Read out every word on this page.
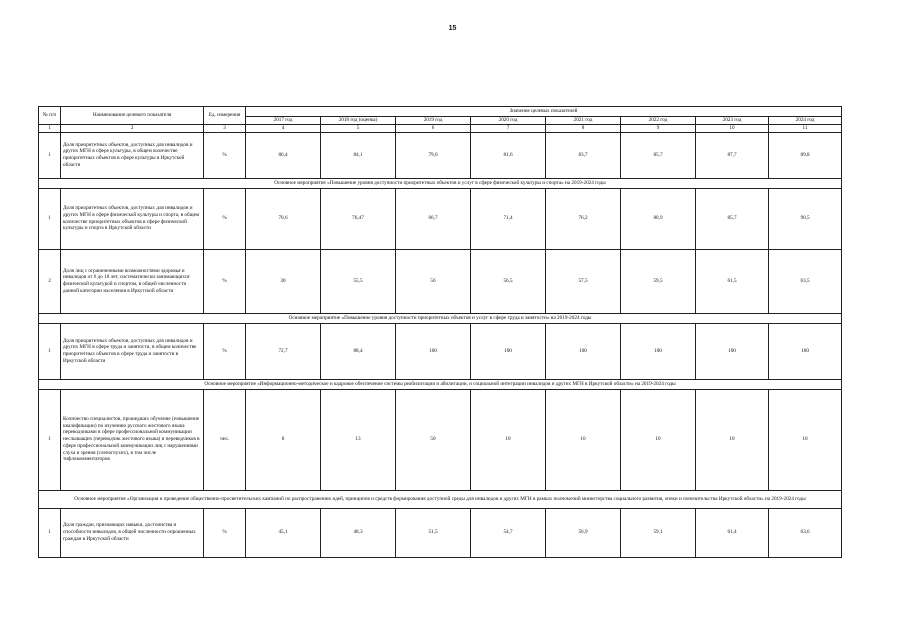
15
№ п/п	Наименование целевого показателя	Ед. измерения	Значение целевых показателей							
			2017 год	2018 год (оценка)	2019 год	2020 год	2021 год	2022 год	2023 год	2024 год
1	2	3	4	5	6	7	8	9	10	11
1	Доля приоритетных объектов, доступных для инвалидов и других МГН в сфере культуры, в общем количестве приоритетных объектов в сфере культуры в Иркутской области	%	86,4	84,1	79,6	81,6	83,7	85,7	87,7	89,8
Основное мероприятие «Повышение уровня доступности приоритетных объектов и услуг в сфере физической культуры и спорта» на 2019-2024 годы										
1	Доля приоритетных объектов, доступных для инвалидов и других МГН в сфере физической культуры и спорта, в общем количестве приоритетных объектов в сфере физической культуры и спорта в Иркутской области	%	70,6	76,47	66,7	71,4	76,2	80,9	85,7	90,5
2	Доля лиц с ограниченными возможностями здоровья и инвалидов от 6 до 18 лет, систематически занимающихся физической культурой и спортом, в общей численности данной категории населения в Иркутской области	%	30	55,5	56	56,5	57,5	59,5	61,5	63,5
Основное мероприятие «Повышение уровня доступности приоритетных объектов и услуг в сфере труда и занятости» на 2019-2024 годы										
1	Доля приоритетных объектов, доступных для инвалидов и других МГН в сфере труда и занятости, в общем количестве приоритетных объектов в сфере труда и занятости в Иркутской области	%	72,7	88,4	100	100	100	100	100	100
Основное мероприятие «Информационно-методическое и кадровое обеспечение системы реабилитации и абилитации, и социальной интеграции инвалидов и других МГН в Иркутской области» на 2019-2024 годы										
1	Количество специалистов, прошедших обучение (повышение квалификации) по изучению русского жестового языка переводчиками в сфере профессиональной коммуникации неслышащих (переводчик жестового языка) и переводчиков в сфере профессиональной коммуникации лиц с нарушениями слуха и зрения (слепоглухих), в том числе тифлокомментаторов	чел.	8	13	50	10	10	10	10	10
Основное мероприятие «Организация и проведение общественно-просветительских кампаний по распространению идей, принципов и средств формирования доступной среды для инвалидов и других МГН в рамках полномочий министерства социального развития, опеки и попечительства Иркутской области» на 2019-2024 годы										
1	Доля граждан, признающих навыки, достоинства и способности инвалидов, в общей численности опрошенных граждан в Иркутской области	%	45,1	48,3	51,5	54,7	56,9	59,1	61,4	63,6
